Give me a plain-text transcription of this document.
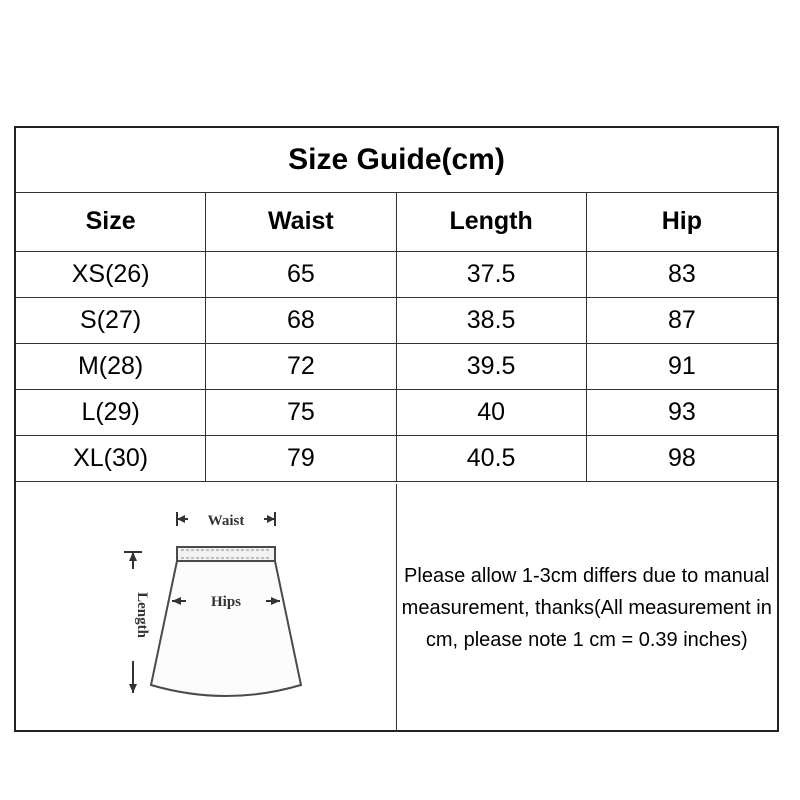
Size Guide(cm)
Size	Waist	Length	Hip
XS(26)	65	37.5	83
S(27)	68	38.5	87
M(28)	72	39.5	91
L(29)	75	40	93
XL(30)	79	40.5	98
Waist
Hips
Length
Please allow 1-3cm differs due to manual measurement, thanks(All measurement in cm, please note 1 cm = 0.39 inches)
